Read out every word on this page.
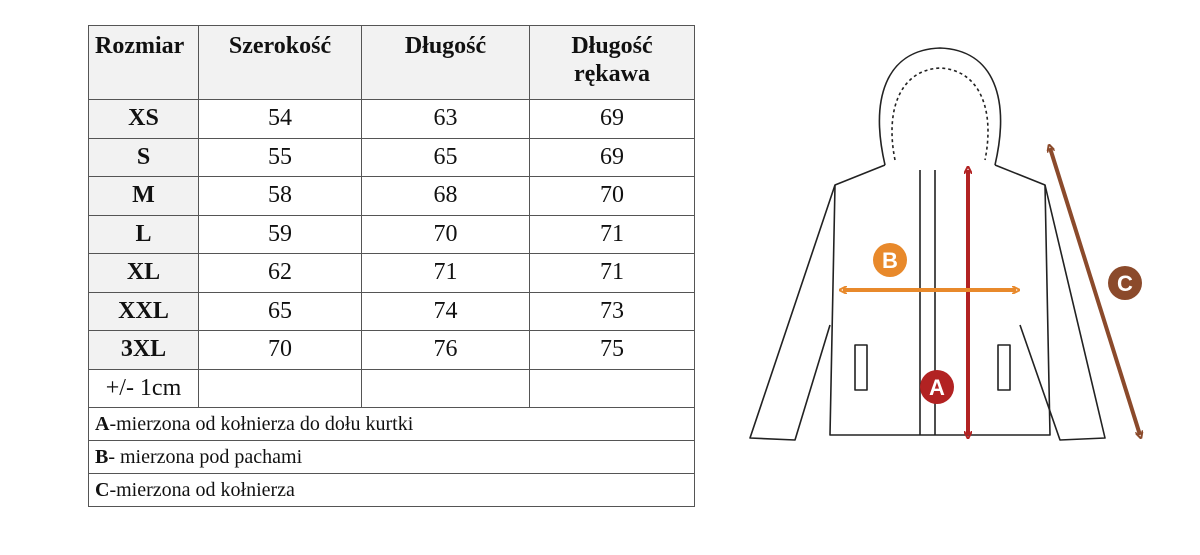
Rozmiar	Szerokość	Długość	Długość
rękawa
XS	54	63	69
S	55	65	69
M	58	68	70
L	59	70	71
XL	62	71	71
XXL	65	74	73
3XL	70	76	75
+/- 1cm			
A-mierzona od kołnierza do dołu kurtki			
B- mierzona pod pachami			
C-mierzona od kołnierza			
A
B
C
